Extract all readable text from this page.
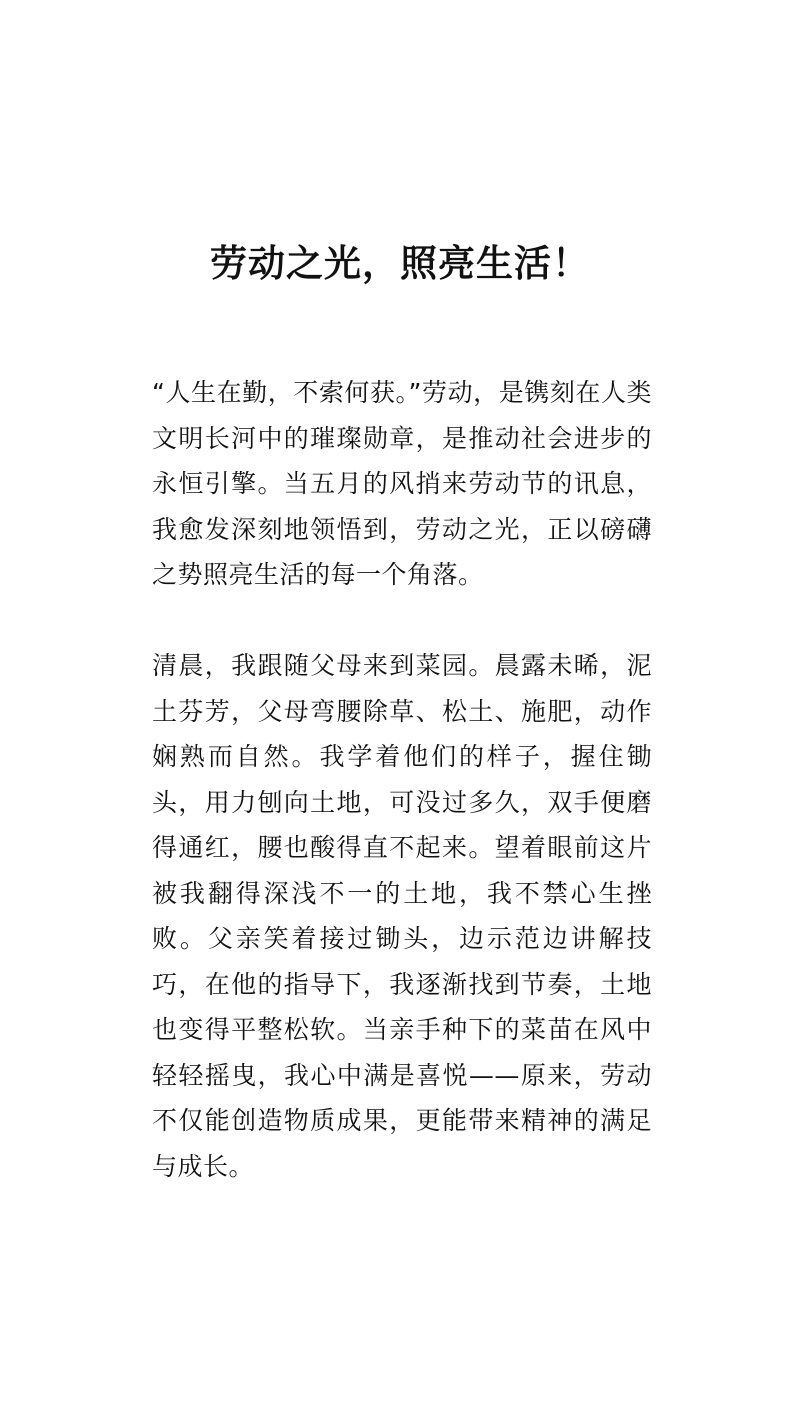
劳动之光，照亮生活！

“人生在勤，不索何获。”劳动，是镌刻在人类文明长河中的璀璨勋章，是推动社会进步的永恒引擎。当五月的风捎来劳动节的讯息，我愈发深刻地领悟到，劳动之光，正以磅礴之势照亮生活的每一个角落。

清晨，我跟随父母来到菜园。晨露未晞，泥土芬芳，父母弯腰除草、松土、施肥，动作娴熟而自然。我学着他们的样子，握住锄头，用力刨向土地，可没过多久，双手便磨得通红，腰也酸得直不起来。望着眼前这片被我翻得深浅不一的土地，我不禁心生挫败。父亲笑着接过锄头，边示范边讲解技巧，在他的指导下，我逐渐找到节奏，土地也变得平整松软。当亲手种下的菜苗在风中轻轻摇曳，我心中满是喜悦——原来，劳动不仅能创造物质成果，更能带来精神的满足与成长。
